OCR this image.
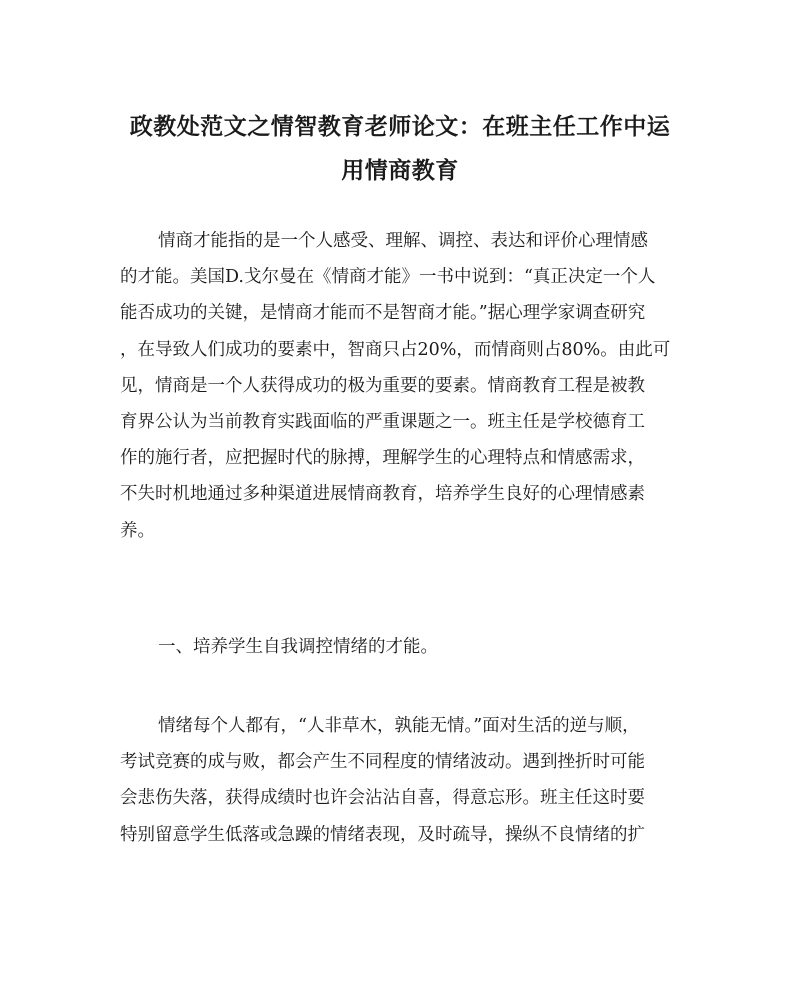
政教处范文之情智教育老师论文：在班主任工作中运
用情商教育

情商才能指的是一个人感受、理解、调控、表达和评价心理情感
的才能。美国D.戈尔曼在《情商才能》一书中说到：“真正决定一个人
能否成功的关键，是情商才能而不是智商才能。”据心理学家调查研究
，在导致人们成功的要素中，智商只占20%，而情商则占80%。由此可
见，情商是一个人获得成功的极为重要的要素。情商教育工程是被教
育界公认为当前教育实践面临的严重课题之一。班主任是学校德育工
作的施行者，应把握时代的脉搏，理解学生的心理特点和情感需求，
不失时机地通过多种渠道进展情商教育，培养学生良好的心理情感素
养。

一、培养学生自我调控情绪的才能。

情绪每个人都有，“人非草木，孰能无情。”面对生活的逆与顺，
考试竞赛的成与败，都会产生不同程度的情绪波动。遇到挫折时可能
会悲伤失落，获得成绩时也许会沾沾自喜，得意忘形。班主任这时要
特别留意学生低落或急躁的情绪表现，及时疏导，操纵不良情绪的扩
